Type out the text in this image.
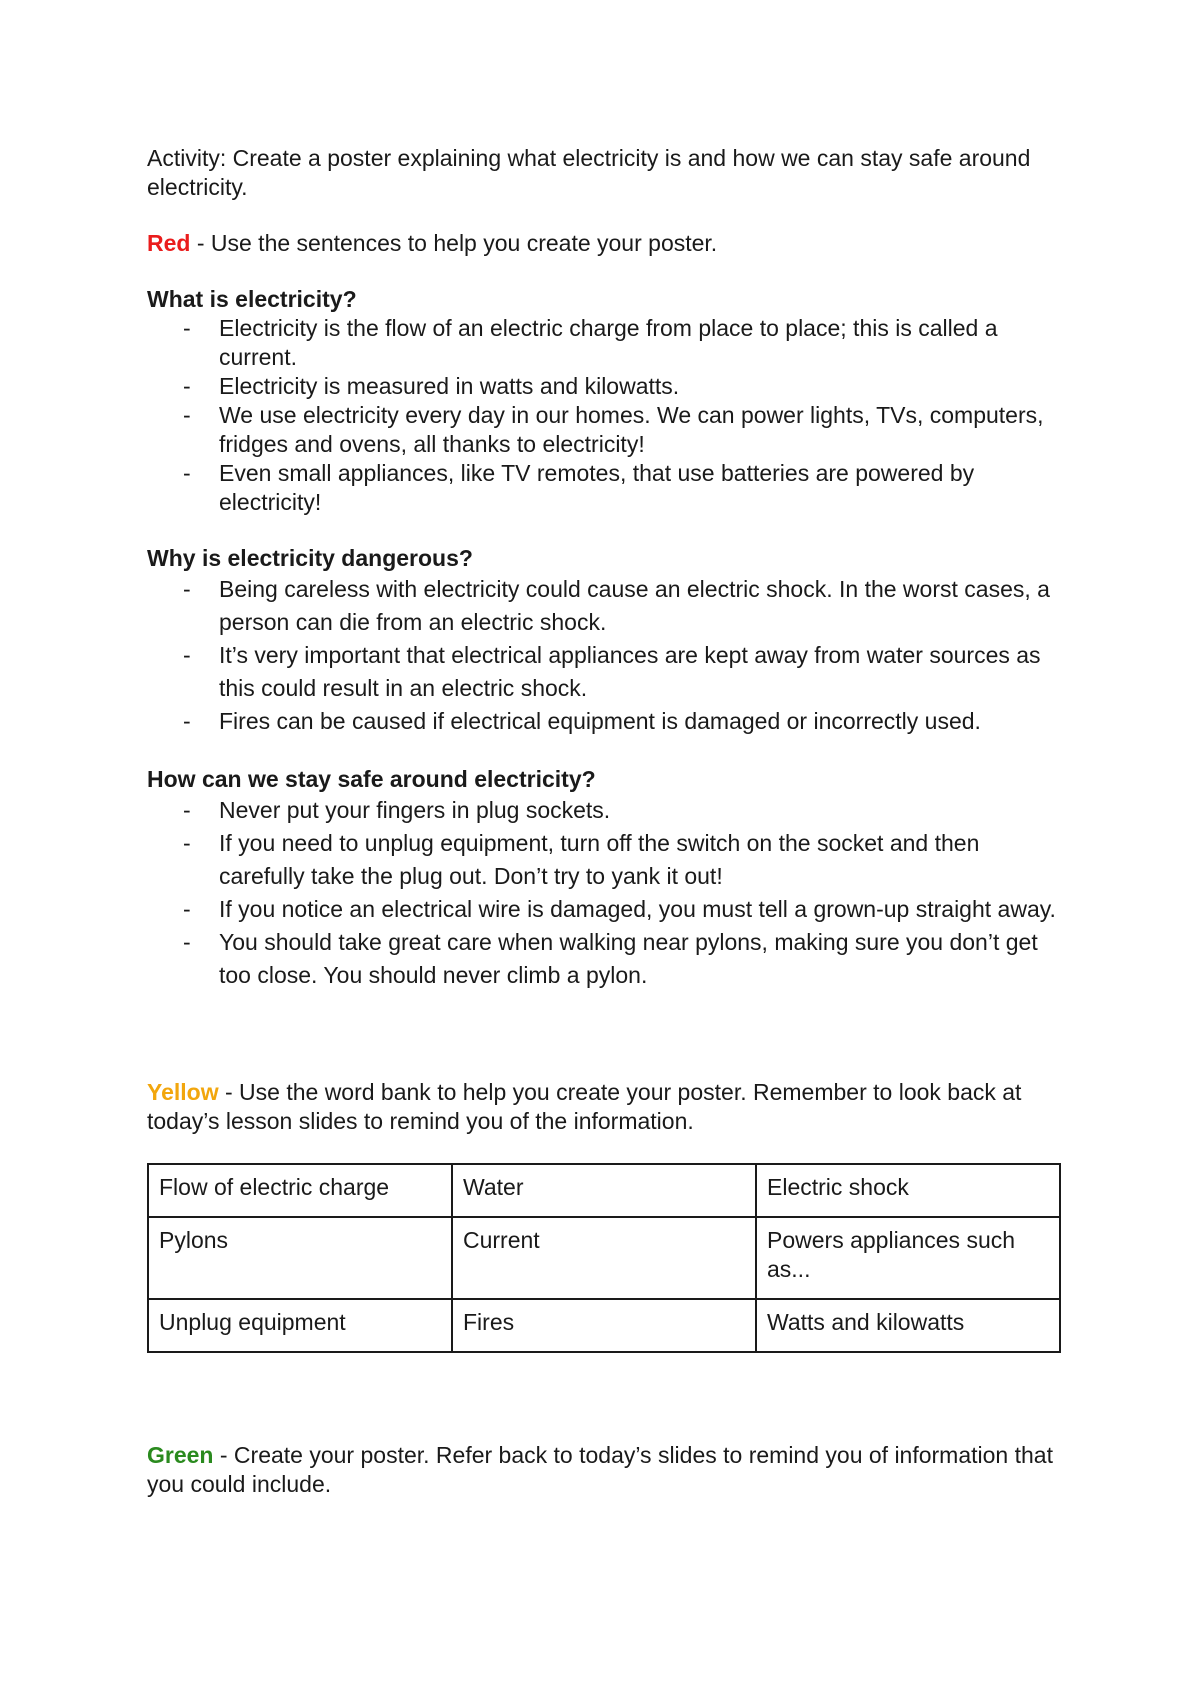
Activity: Create a poster explaining what electricity is and how we can stay safe around electricity.

Red - Use the sentences to help you create your poster.

What is electricity?

- Electricity is the flow of an electric charge from place to place; this is called a current.
- Electricity is measured in watts and kilowatts.
- We use electricity every day in our homes. We can power lights, TVs, computers, fridges and ovens, all thanks to electricity!
- Even small appliances, like TV remotes, that use batteries are powered by electricity!

Why is electricity dangerous?

- Being careless with electricity could cause an electric shock. In the worst cases, a person can die from an electric shock.
- It’s very important that electrical appliances are kept away from water sources as this could result in an electric shock.
- Fires can be caused if electrical equipment is damaged or incorrectly used.

How can we stay safe around electricity?

- Never put your fingers in plug sockets.
- If you need to unplug equipment, turn off the switch on the socket and then carefully take the plug out. Don’t try to yank it out!
- If you notice an electrical wire is damaged, you must tell a grown-up straight away.
- You should take great care when walking near pylons, making sure you don’t get too close. You should never climb a pylon.

Yellow - Use the word bank to help you create your poster. Remember to look back at today’s lesson slides to remind you of the information.

Flow of electric charge	Water	Electric shock
Pylons	Current	Powers appliances such as...
Unplug equipment	Fires	Watts and kilowatts

Green - Create your poster. Refer back to today’s slides to remind you of information that you could include.
